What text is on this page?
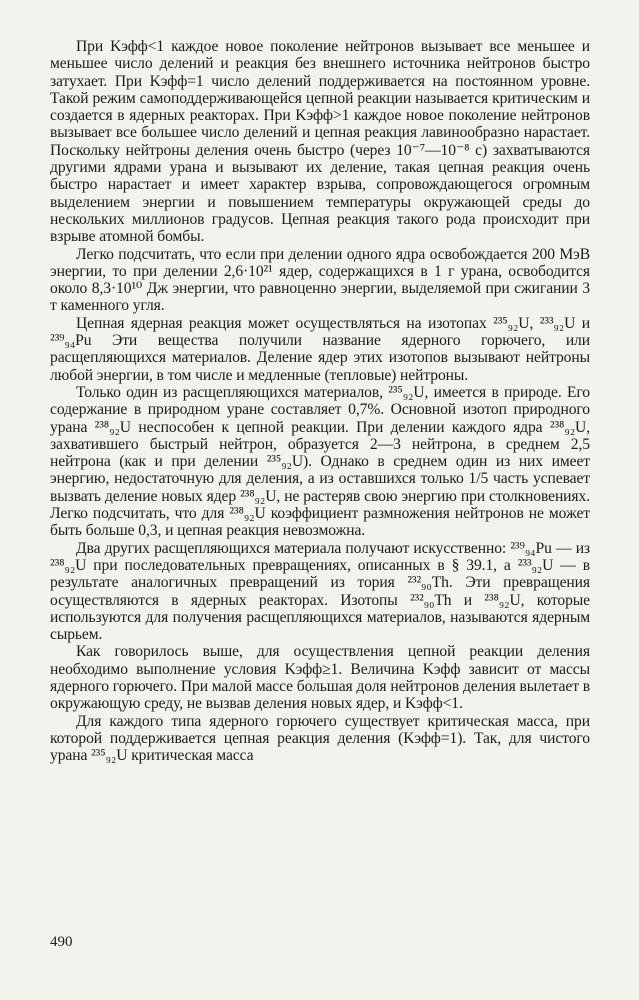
При Kэфф<1 каждое новое поколение нейтронов вызывает все меньшее и меньшее число делений и реакция без внешнего источника нейтронов быстро затухает. При Kэфф=1 число делений поддерживается на постоянном уровне. Такой режим самоподдерживающейся цепной реакции называется критическим и создается в ядерных реакторах. При Kэфф>1 каждое новое поколение нейтронов вызывает все большее число делений и цепная реакция лавинообразно нарастает. Поскольку нейтроны деления очень быстро (через 10⁻⁷—10⁻⁸ с) захватываются другими ядрами урана и вызывают их деление, такая цепная реакция очень быстро нарастает и имеет характер взрыва, сопровождающегося огромным выделением энергии и повышением температуры окружающей среды до нескольких миллионов градусов. Цепная реакция такого рода происходит при взрыве атомной бомбы.

Легко подсчитать, что если при делении одного ядра освобождается 200 МэВ энергии, то при делении 2,6·10²¹ ядер, содержащихся в 1 г урана, освободится около 8,3·10¹⁰ Дж энергии, что равноценно энергии, выделяемой при сжигании 3 т каменного угля.

Цепная ядерная реакция может осуществляться на изотопах ²³⁵₉₂U, ²³³₉₂U и ²³⁹₉₄Pu Эти вещества получили название ядерного горючего, или расщепляющихся материалов. Деление ядер этих изотопов вызывают нейтроны любой энергии, в том числе и медленные (тепловые) нейтроны.

Только один из расщепляющихся материалов, ²³⁵₉₂U, имеется в природе. Его содержание в природном уране составляет 0,7%. Основной изотоп природного урана ²³⁸₉₂U неспособен к цепной реакции. При делении каждого ядра ²³⁸₉₂U, захватившего быстрый нейтрон, образуется 2—3 нейтрона, в среднем 2,5 нейтрона (как и при делении ²³⁵₉₂U). Однако в среднем один из них имеет энергию, недостаточную для деления, а из оставшихся только 1/5 часть успевает вызвать деление новых ядер ²³⁸₉₂U, не растеряв свою энергию при столкновениях. Легко подсчитать, что для ²³⁸₉₂U коэффициент размножения нейтронов не может быть больше 0,3, и цепная реакция невозможна.

Два других расщепляющихся материала получают искусственно: ²³⁹₉₄Pu — из ²³⁸₉₂U при последовательных превращениях, описанных в § 39.1, а ²³³₉₂U — в результате аналогичных превращений из тория ²³²₉₀Th. Эти превращения осуществляются в ядерных реакторах. Изотопы ²³²₉₀Th и ²³⁸₉₂U, которые используются для получения расщепляющихся материалов, называются ядерным сырьем.

Как говорилось выше, для осуществления цепной реакции деления необходимо выполнение условия Kэфф≥1. Величина Kэфф зависит от массы ядерного горючего. При малой массе большая доля нейтронов деления вылетает в окружающую среду, не вызвав деления новых ядер, и Kэфф<1.

Для каждого типа ядерного горючего существует критическая масса, при которой поддерживается цепная реакция деления (Kэфф=1). Так, для чистого урана ²³⁵₉₂U критическая масса

490
